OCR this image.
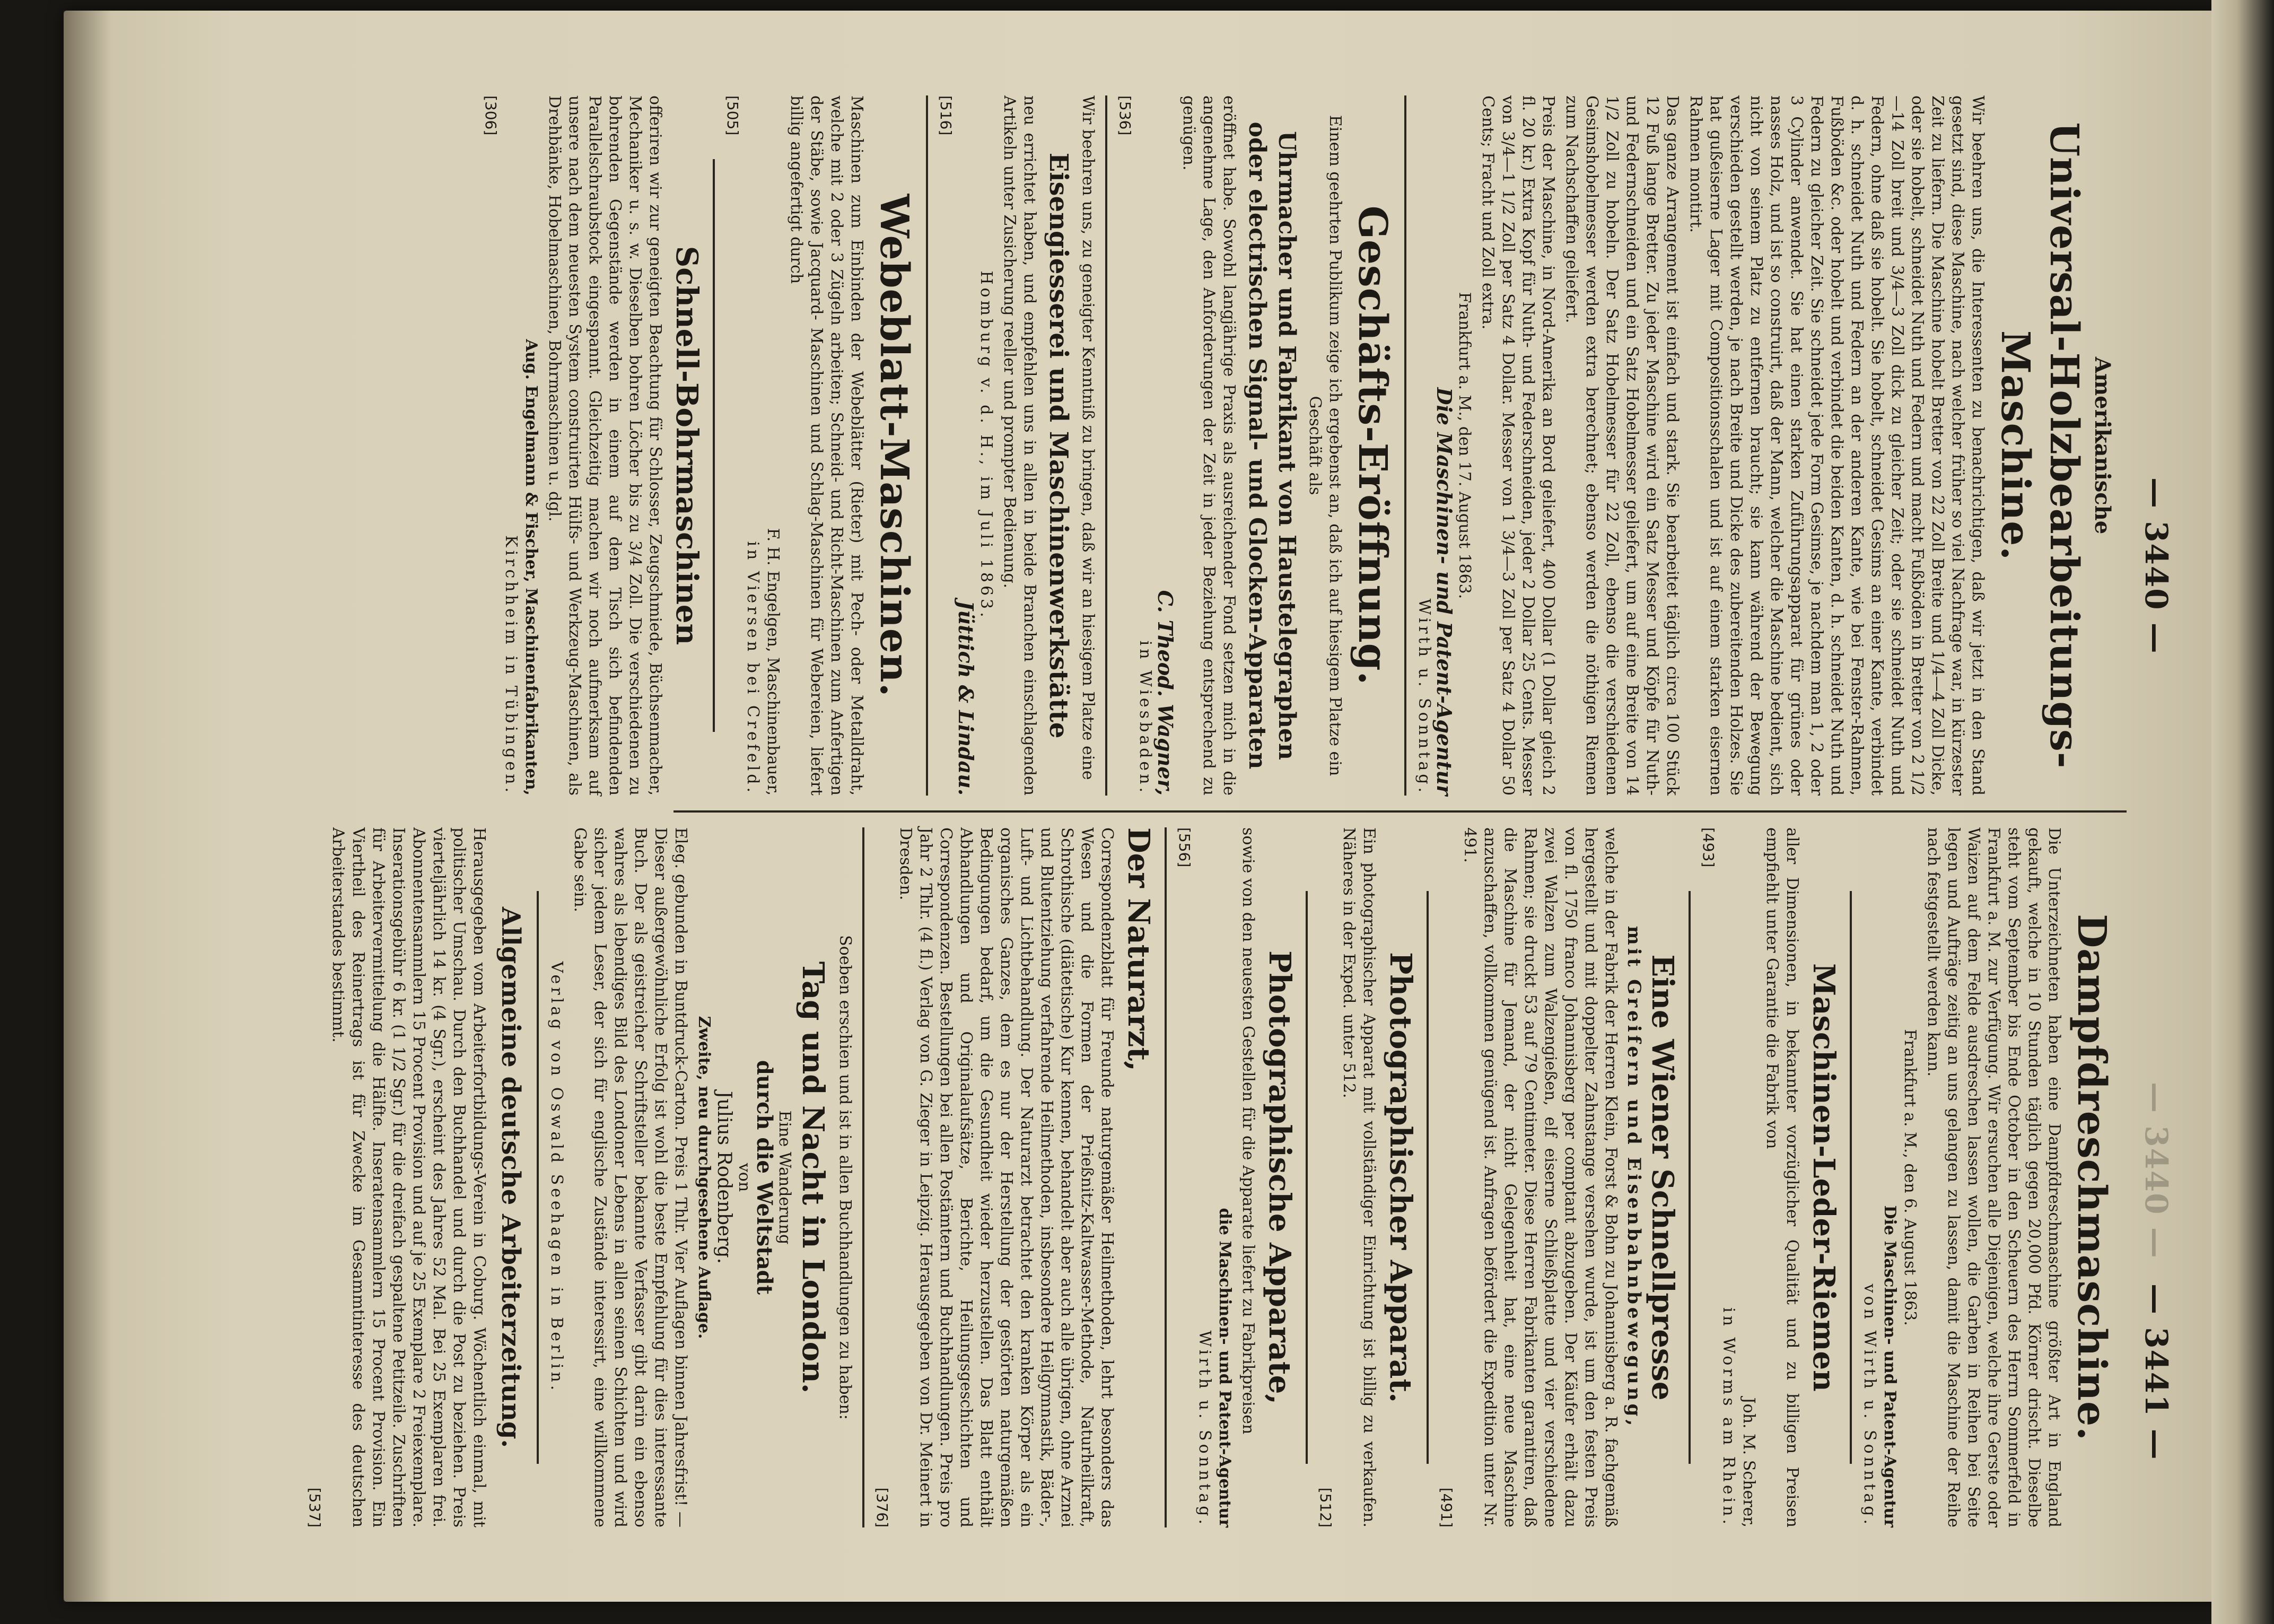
— 3440 —
— 3440 —
— 3441 —
Amerikanische
Universal-Holzbearbeitungs-Maschine.

Wir beehren uns, die Interessenten zu benachrichtigen, daß wir jetzt in den Stand gesetzt sind, diese Maschine, nach welcher früher so viel Nachfrage war, in kürzester Zeit zu liefern. Die Maschine hobelt Bretter von 22 Zoll Breite und 1/4—4 Zoll Dicke, oder sie hobelt, schneidet Nuth und Federn und macht Fußböden in Bretter von 2 1/2—14 Zoll breit und 3/4—3 Zoll dick zu gleicher Zeit; oder sie schneidet Nuth und Federn, ohne daß sie hobelt. Sie hobelt, schneidet Gesims an einer Kante, verbindet d. h. schneidet Nuth und Federn an der anderen Kante, wie bei Fenster-Rahmen, Fußböden &c. oder hobelt und verbindet die beiden Kanten, d. h. schneidet Nuth und Federn zu gleicher Zeit. Sie schneidet jede Form Gesimse, je nachdem man 1, 2 oder 3 Cylinder anwendet. Sie hat einen starken Zuführungsapparat für grünes oder nasses Holz, und ist so construirt, daß der Mann, welcher die Maschine bedient, sich nicht von seinem Platz zu entfernen braucht; sie kann während der Bewegung verschieden gestellt werden, je nach Breite und Dicke des zubereitenden Holzes. Sie hat gußeiserne Lager mit Compositionsschalen und ist auf einem starken eisernen Rahmen montirt.

Das ganze Arrangement ist einfach und stark. Sie bearbeitet täglich circa 100 Stück 12 Fuß lange Bretter. Zu jeder Maschine wird ein Satz Messer und Köpfe für Nuth- und Federnschneiden und ein Satz Hobelmesser geliefert, um auf eine Breite von 14 1/2 Zoll zu hobeln. Der Satz Hobelmesser für 22 Zoll, ebenso die verschiedenen Gesimshobelmesser werden extra berechnet; ebenso werden die nöthigen Riemen zum Nachschaffen geliefert.

Preis der Maschine, in Nord-Amerika an Bord geliefert, 400 Dollar (1 Dollar gleich 2 fl. 20 kr.) Extra Kopf für Nuth- und Federschneiden, jeder 2 Dollar 25 Cents. Messer von 3/4—1 1/2 Zoll per Satz 4 Dollar. Messer von 1 3/4—3 Zoll per Satz 4 Dollar 50 Cents; Fracht und Zoll extra.

Frankfurt a. M., den 17. August 1863.
Die Maschinen- und Patent-Agentur
Wirth u. Sonntag.
Geschäfts-Eröffnung.

Einem geehrten Publikum zeige ich ergebenst an, daß ich auf hiesigem Platze ein Geschäft als

Uhrmacher und Fabrikant von Haustelegraphen
oder electrischen Signal- und Glocken-Apparaten

eröffnet habe. Sowohl langjährige Praxis als ausreichender Fond setzen mich in die angenehme Lage, den Anforderungen der Zeit in jeder Beziehung entsprechend zu genügen.

C. Theod. Wagner,
in Wiesbaden.
[536]

Wir beehren uns, zu geneigter Kenntniß zu bringen, daß wir an hiesigem Platze eine

Eisengiesserei und Maschinenwerkstätte

neu errichtet haben, und empfehlen uns in allen in beide Branchen einschlagenden Artikeln unter Zusicherung reeller und prompter Bedienung.

Homburg v. d. H., im Juli 1863.
Jüttich & Lindau.
[516]
Webeblatt-Maschinen.

Maschinen zum Einbinden der Webeblätter (Rieter) mit Pech- oder Metalldraht, welche mit 2 oder 3 Zügeln arbeiten; Schneid- und Richt-Maschinen zum Anfertigen der Stäbe, sowie Jacquard- Maschinen und Schlag-Maschinen für Webereien, liefert billig angefertigt durch

F. H. Engelgen, Maschinenbauer,
in Viersen bei Crefeld.
[505]
Schnell-Bohrmaschinen

offeriren wir zur geneigten Beachtung für Schlosser, Zeugschmiede, Büchsenmacher, Mechaniker u. s. w. Dieselben bohren Löcher bis zu 3/4 Zoll. Die verschiedenen zu bohrenden Gegenstände werden in einem auf dem Tisch sich befindenden Parallelschraubstock eingespannt. Gleichzeitig machen wir noch aufmerksam auf unsere nach dem neuesten System construirten Hülfs- und Werkzeug-Maschinen, als Drehbänke, Hobelmaschinen, Bohrmaschinen u. dgl.

Aug. Engelmann & Fischer, Maschinenfabrikanten,
Kirchheim in Tübingen.
[306]
Dampfdreschmaschine.

Die Unterzeichneten haben eine Dampfdreschmaschine größter Art in England gekauft, welche in 10 Stunden täglich gegen 20,000 Pfd. Körner drischt. Dieselbe steht vom September bis Ende October in den Scheuern des Herrn Sommerfeld in Frankfurt a. M. zur Verfügung. Wir ersuchen alle Diejenigen, welche ihre Gerste oder Waizen auf dem Felde ausdreschen lassen wollen, die Garben in Reihen bei Seite legen und Aufträge zeitig an uns gelangen zu lassen, damit die Maschine der Reihe nach festgestellt werden kann.

Frankfurt a. M., den 6. August 1863.
Die Maschinen- und Patent-Agentur
von Wirth u. Sonntag.
Maschinen-Leder-Riemen

aller Dimensionen, in bekannter vorzüglicher Qualität und zu billigen Preisen empfiehlt unter Garantie die Fabrik von

Joh. M. Scherer,
in Worms am Rhein.
[493]
Eine Wiener Schnellpresse
mit Greifern und Eisenbahnbewegung,

welche in der Fabrik der Herren Klein, Forst & Bohn zu Johannisberg a. R. fachgemäß hergestellt und mit doppelter Zahnstange versehen wurde, ist um den festen Preis von fl. 1750 franco Johannisberg per comptant abzugeben. Der Käufer erhält dazu zwei Walzen zum Walzengießen, elf eiserne Schließplatte und vier verschiedene Rahmen; sie druckt 53 auf 79 Centimeter. Diese Herren Fabrikanten garantiren, daß die Maschine für Jemand, der nicht Gelegenheit hat, eine neue Maschine anzuschaffen, vollkommen genügend ist. Anfragen befördert die Expedition unter Nr. 491.

[491]
Photographischer Apparat.

Ein photographischer Apparat mit vollständiger Einrichtung ist billig zu verkaufen. Näheres in der Exped. unter 512.

[512]
Photographische Apparate,

sowie von den neuesten Gestellen für die Apparate liefert zu Fabrikpreisen

die Maschinen- und Patent-Agentur
Wirth u. Sonntag.
[556]
Der Naturarzt,

Correspondenzblatt für Freunde naturgemäßer Heilmethoden, lehrt besonders das Wesen und die Formen der Prießnitz-Kaltwasser-Methode, Naturheilkraft, Schrothische (diätetische) Kur kennen, behandelt aber auch alle übrigen, ohne Arznei und Blutentziehung verfahrende Heilmethoden, insbesondere Heilgymnastik, Bäder-, Luft- und Lichtbehandlung. Der Naturarzt betrachtet den kranken Körper als ein organisches Ganzes, dem es nur der Herstellung der gestörten naturgemäßen Bedingungen bedarf, um die Gesundheit wieder herzustellen. Das Blatt enthält Abhandlungen und Originalaufsätze, Berichte, Heilungsgeschichten und Correspondenzen. Bestellungen bei allen Postämtern und Buchhandlungen. Preis pro Jahr 2 Thlr. (4 fl.) Verlag von G. Zieger in Leipzig. Herausgegeben von Dr. Meinert in Dresden.

[376]

Soeben erschien und ist in allen Buchhandlungen zu haben:

Tag und Nacht in London.
Eine Wanderung
durch die Weltstadt
von
Julius Rodenberg.
Zweite, neu durchgesehene Auflage.

Eleg. gebunden in Buntdruck-Carton. Preis 1 Thlr. Vier Auflagen binnen Jahresfrist! — Dieser außergewöhnliche Erfolg ist wohl die beste Empfehlung für dies interessante Buch. Der als geistreicher Schriftsteller bekannte Verfasser gibt darin ein ebenso wahres als lebendiges Bild des Londoner Lebens in allen seinen Schichten und wird sicher jedem Leser, der sich für englische Zustände interessirt, eine willkommene Gabe sein.

Verlag von Oswald Seehagen in Berlin.
Allgemeine deutsche Arbeiterzeitung.

Herausgegeben vom Arbeiterfortbildungs-Verein in Coburg. Wöchentlich einmal, mit politischer Umschau. Durch den Buchhandel und durch die Post zu beziehen. Preis vierteljährlich 14 kr. (4 Sgr.), erscheint des Jahres 52 Mal. Bei 25 Exemplaren frei. Abonnentensammlern 15 Procent Provision und auf je 25 Exemplare 2 Freiexemplare. Inserationsgebühr 6 kr. (1 1/2 Sgr.) für die dreifach gespaltene Petitzeile. Zuschriften für Arbeitervermittelung die Hälfte. Inseratensammlern 15 Procent Provision. Ein Viertheil des Reinertrags ist für Zwecke im Gesammtinteresse des deutschen Arbeiterstandes bestimmt.

[537]
